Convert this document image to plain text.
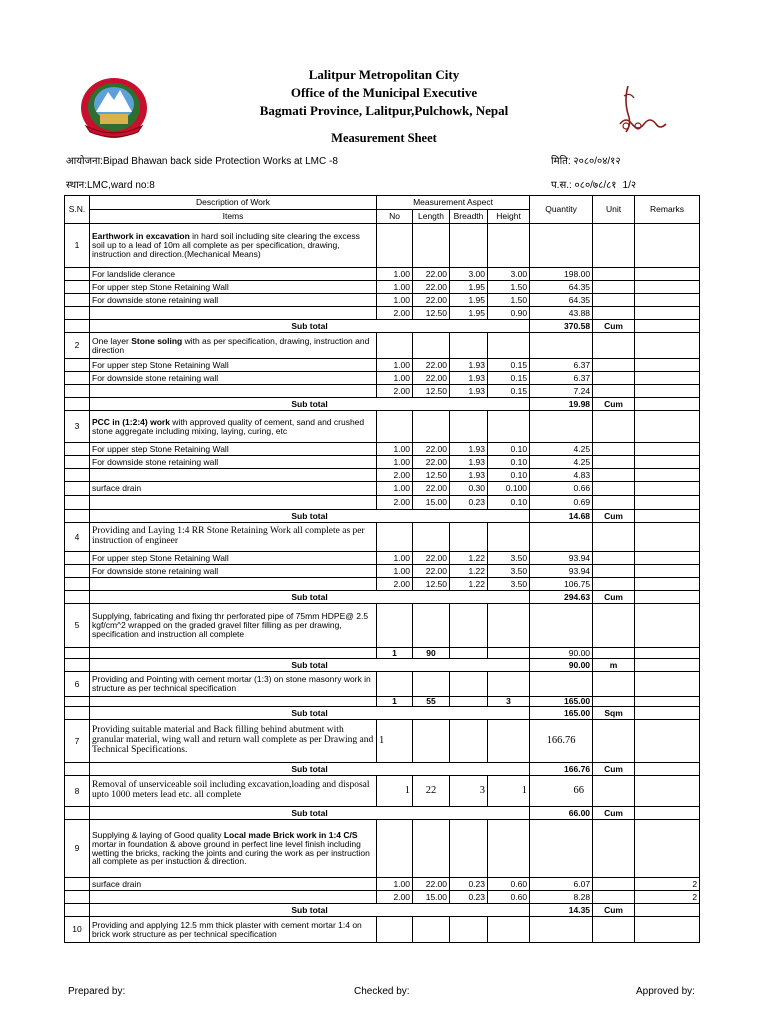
Lalitpur Metropolitan City
Office of the Municipal Executive
Bagmati Province, Lalitpur,Pulchowk, Nepal
Measurement Sheet
आयोजना:Bipad Bhawan back side Protection Works at LMC -8	मिति: २०८०/०४/१२
स्थान:LMC,ward no:8	प.स.: ०८०/७८/८१   1/२
S.N.	Description of Work	Measurement Aspect				Quantity	Unit	Remarks
	Items	No	Length	Breadth	Height			
1	Earthwork in excavation in hard soil including site clearing the excess soil up to a lead of 10m all complete as per specification, drawing, instruction and direction.(Mechanical Means)							
	For landslide clerance	1.00	22.00	3.00	3.00	198.00		
	For upper step Stone Retaining Wall	1.00	22.00	1.95	1.50	64.35		
	For downside stone retaining wall	1.00	22.00	1.95	1.50	64.35		
		2.00	12.50	1.95	0.90	43.88		
	Sub total					370.58	Cum	
2	One layer Stone soling with as per specification, drawing, instruction and direction							
	For upper step Stone Retaining Wall	1.00	22.00	1.93	0.15	6.37		
	For downside stone retaining wall	1.00	22.00	1.93	0.15	6.37		
		2.00	12.50	1.93	0.15	7.24		
	Sub total					19.98	Cum	
3	PCC in (1:2:4) work with approved quality of cement, sand and crushed stone aggregate including mixing, laying, curing, etc							
	For upper step Stone Retaining Wall	1.00	22.00	1.93	0.10	4.25		
	For downside stone retaining wall	1.00	22.00	1.93	0.10	4.25		
		2.00	12.50	1.93	0.10	4.83		
	surface drain	1.00	22.00	0.30	0.100	0.66		
		2.00	15.00	0.23	0.10	0.69		
	Sub total					14.68	Cum	
4	Providing and Laying 1:4 RR Stone Retaining Work all complete as per instruction of engineer							
	For upper step Stone Retaining Wall	1.00	22.00	1.22	3.50	93.94		
	For downside stone retaining wall	1.00	22.00	1.22	3.50	93.94		
		2.00	12.50	1.22	3.50	106.75		
	Sub total					294.63	Cum	
5	Supplying, fabricating and fixing thr perforated pipe of 75mm HDPE@ 2.5 kgf/cm^2 wrapped on the graded gravel filter filling as per drawing, specification and instruction all complete							
		1	90			90.00		
	Sub total					90.00	m	
6	Providing and Pointing with cement mortar (1:3) on stone masonry work in structure as per technical specification							
		1	55		3	165.00		
	Sub total					165.00	Sqm	
7	Providing suitable material and Back filling behind abutment with granular material, wing wall and return wall complete as per Drawing and Technical Specifications.	1				166.76		
	Sub total					166.76	Cum	
8	Removal of unserviceable soil including excavation,loading and disposal upto 1000 meters lead etc. all complete	1	22	3	1	66		
	Sub total					66.00	Cum	
9	Supplying & laying of Good quality Local made Brick work in 1:4 C/S mortar in foundation & above ground in perfect line level finish including wetting the bricks, racking the joints and curing the work as per instruction all complete as per instuction & direction.							
	surface drain	1.00	22.00	0.23	0.60	6.07		2
		2.00	15.00	0.23	0.60	8.28		2
	Sub total					14.35	Cum	
10	Providing and applying 12.5 mm thick plaster with cement mortar 1:4 on brick work structure as per technical specification							
Prepared by:	Checked by:	Approved by:
